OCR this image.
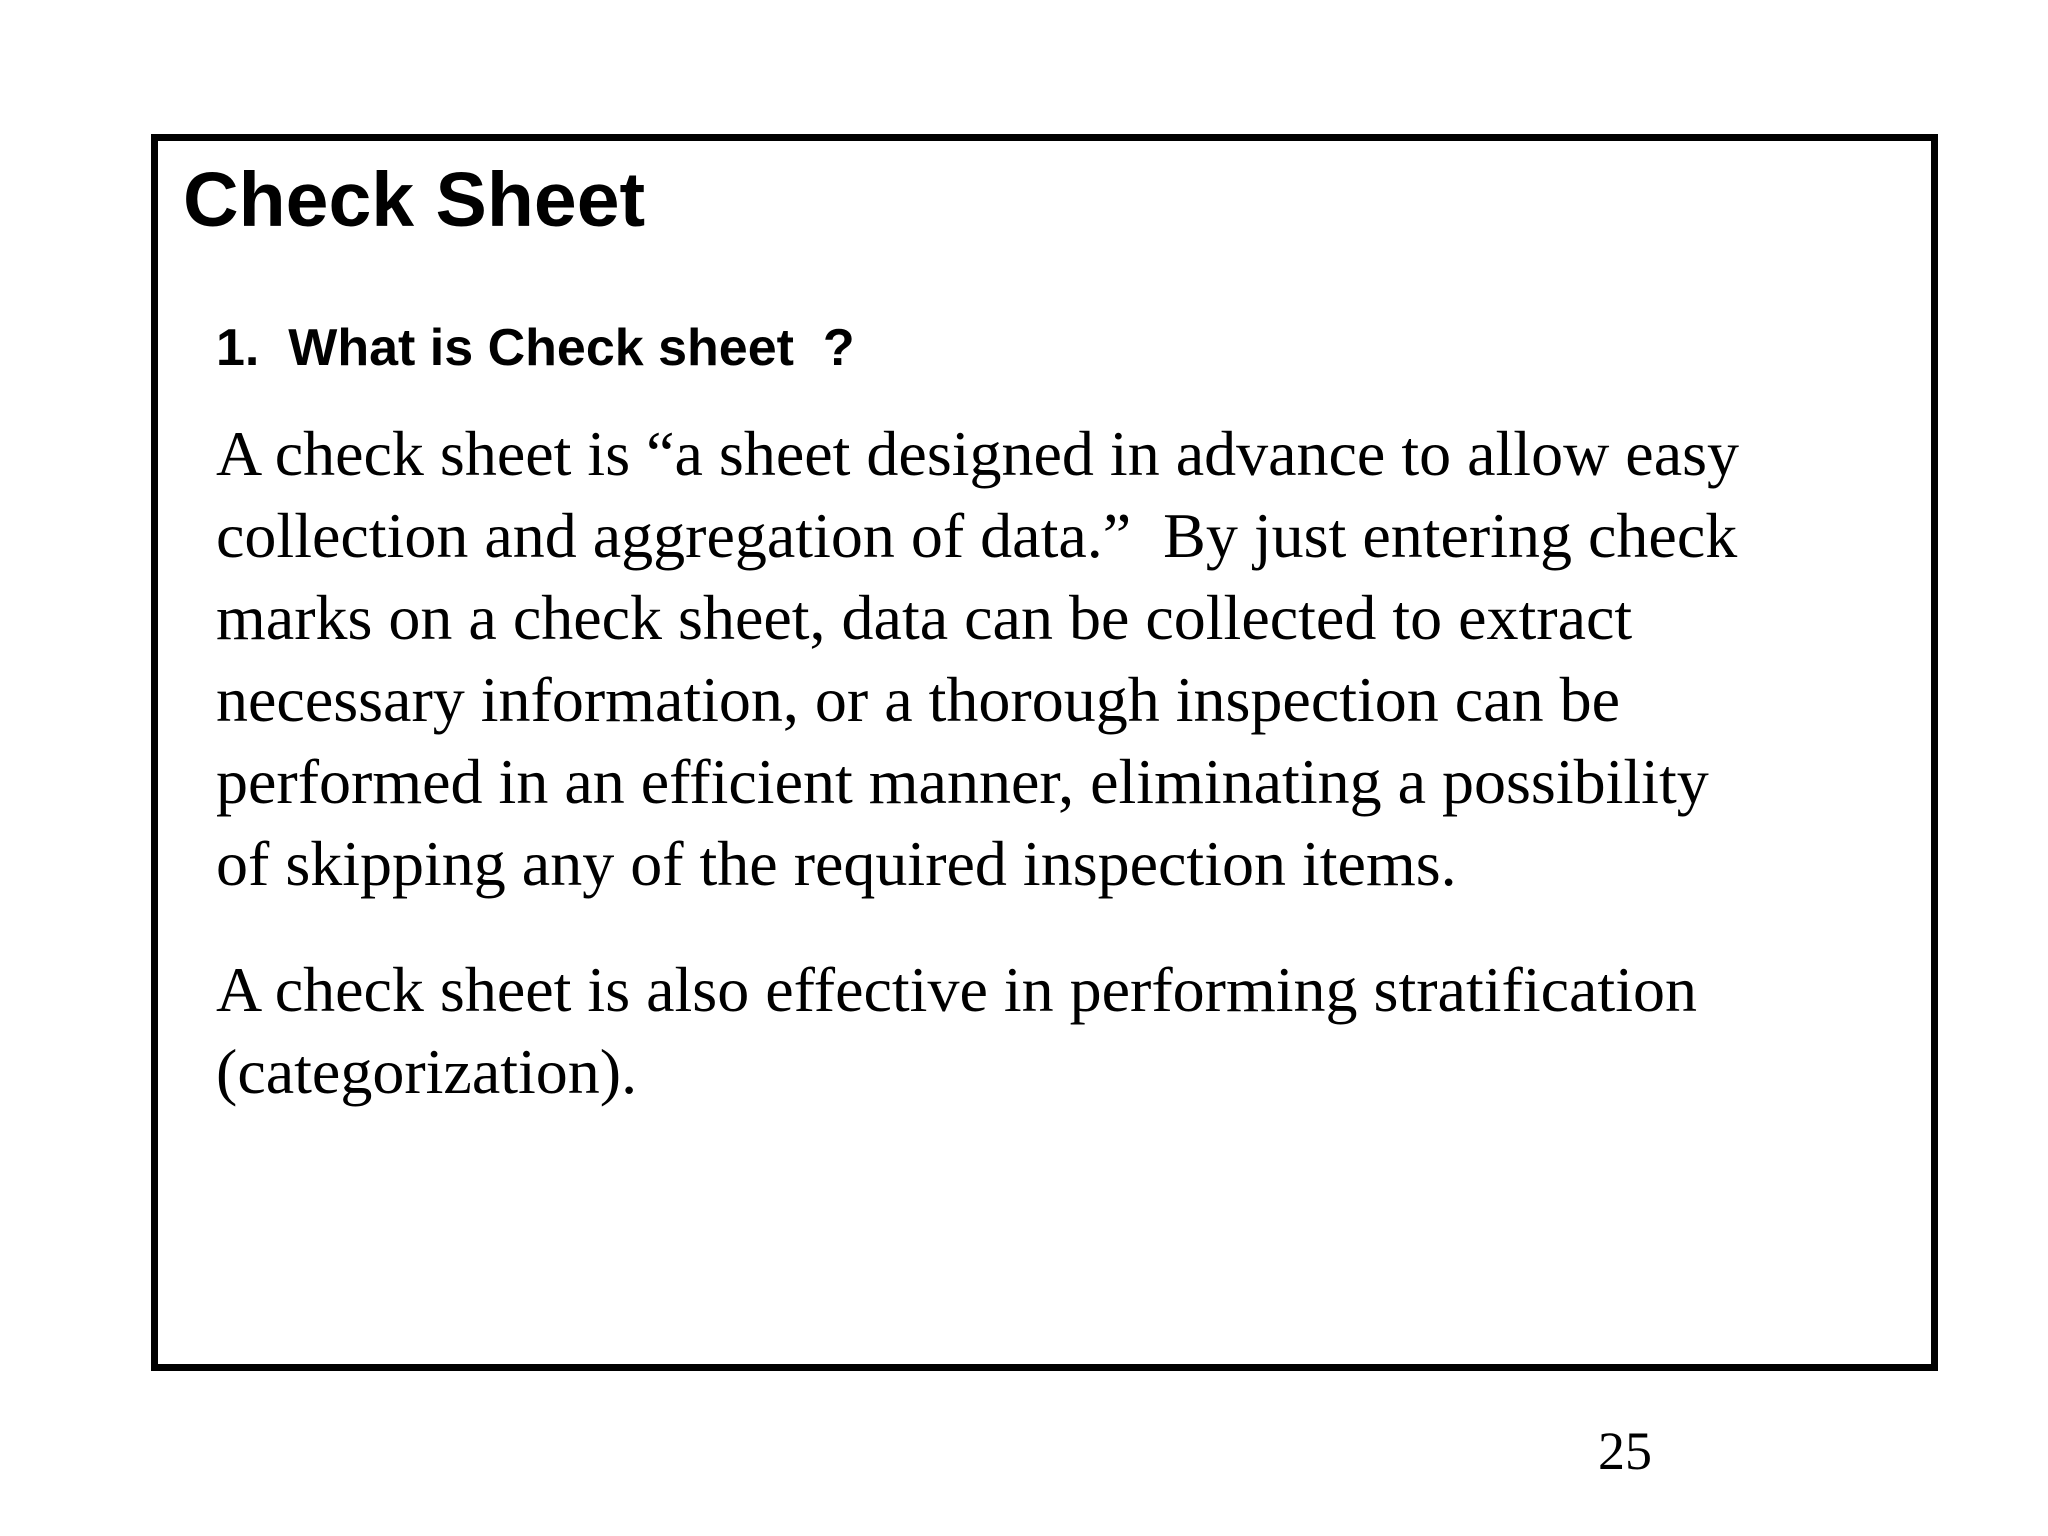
Check Sheet

1.  What is Check sheet  ?

A check sheet is “a sheet designed in advance to allow easy
collection and aggregation of data.”  By just entering check
marks on a check sheet, data can be collected to extract
necessary information, or a thorough inspection can be
performed in an efficient manner, eliminating a possibility
of skipping any of the required inspection items.

A check sheet is also effective in performing stratification
(categorization).

25
